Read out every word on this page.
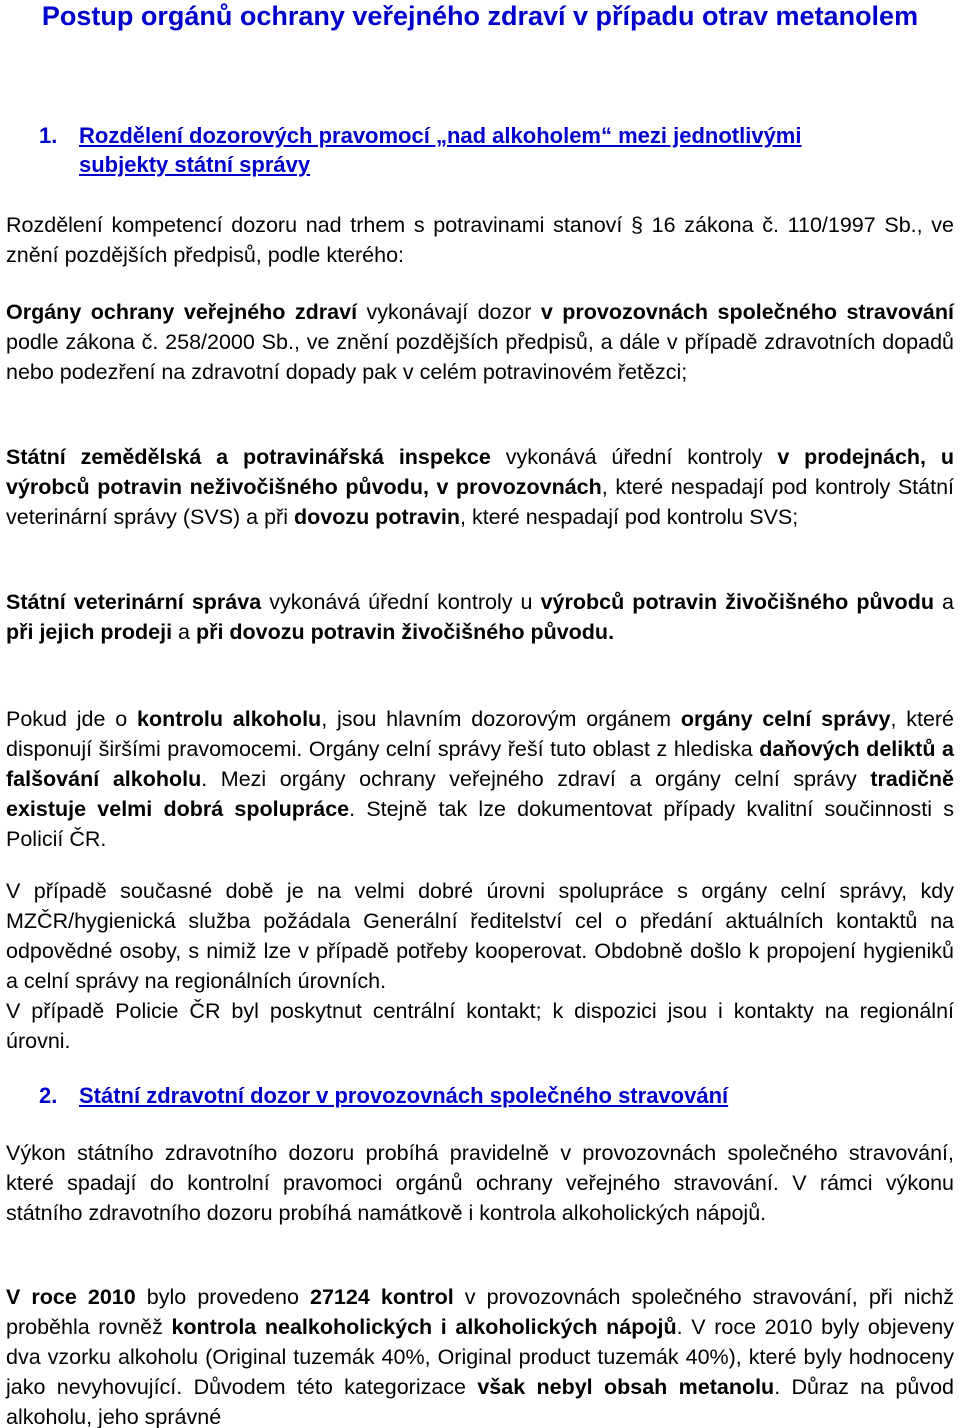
Postup orgánů ochrany veřejného zdraví v případu otrav metanolem
1. Rozdělení dozorových pravomocí „nad alkoholem“ mezi jednotlivými
subjekty státní správy
Rozdělení kompetencí dozoru nad trhem s potravinami stanoví § 16 zákona č. 110/1997 Sb., ve znění pozdějších předpisů, podle kterého:
Orgány ochrany veřejného zdraví vykonávají dozor v provozovnách společného stravování podle zákona č. 258/2000 Sb., ve znění pozdějších předpisů, a dále v případě zdravotních dopadů nebo podezření na zdravotní dopady pak v celém potravinovém řetězci;
Státní zemědělská a potravinářská inspekce vykonává úřední kontroly v prodejnách, u výrobců potravin neživočišného původu, v provozovnách, které nespadají pod kontroly Státní veterinární správy (SVS) a při dovozu potravin, které nespadají pod kontrolu SVS;
Státní veterinární správa vykonává úřední kontroly u výrobců potravin živočišného původu a při jejich prodeji a při dovozu potravin živočišného původu.
Pokud jde o kontrolu alkoholu, jsou hlavním dozorovým orgánem orgány celní správy, které disponují širšími pravomocemi. Orgány celní správy řeší tuto oblast z hlediska daňových deliktů a falšování alkoholu. Mezi orgány ochrany veřejného zdraví a orgány celní správy tradičně existuje velmi dobrá spolupráce. Stejně tak lze dokumentovat případy kvalitní součinnosti s Policií ČR.
V případě současné době je na velmi dobré úrovni spolupráce s orgány celní správy, kdy MZČR/hygienická služba požádala Generální ředitelství cel o předání aktuálních kontaktů na odpovědné osoby, s nimiž lze v případě potřeby kooperovat. Obdobně došlo k propojení hygieniků a celní správy na regionálních úrovních.
V případě Policie ČR byl poskytnut centrální kontakt; k dispozici jsou i kontakty na regionální úrovni.
2. Státní zdravotní dozor v provozovnách společného stravování
Výkon státního zdravotního dozoru probíhá pravidelně v provozovnách společného stravování, které spadají do kontrolní pravomoci orgánů ochrany veřejného stravování. V rámci výkonu státního zdravotního dozoru probíhá namátkově i kontrola alkoholických nápojů.
V roce 2010 bylo provedeno 27124 kontrol v provozovnách společného stravování, při nichž proběhla rovněž kontrola nealkoholických i alkoholických nápojů. V roce 2010 byly objeveny dva vzorku alkoholu (Original tuzemák 40%, Original product tuzemák 40%), které byly hodnoceny jako nevyhovující. Důvodem této kategorizace však nebyl obsah metanolu. Důraz na původ alkoholu, jeho správné
